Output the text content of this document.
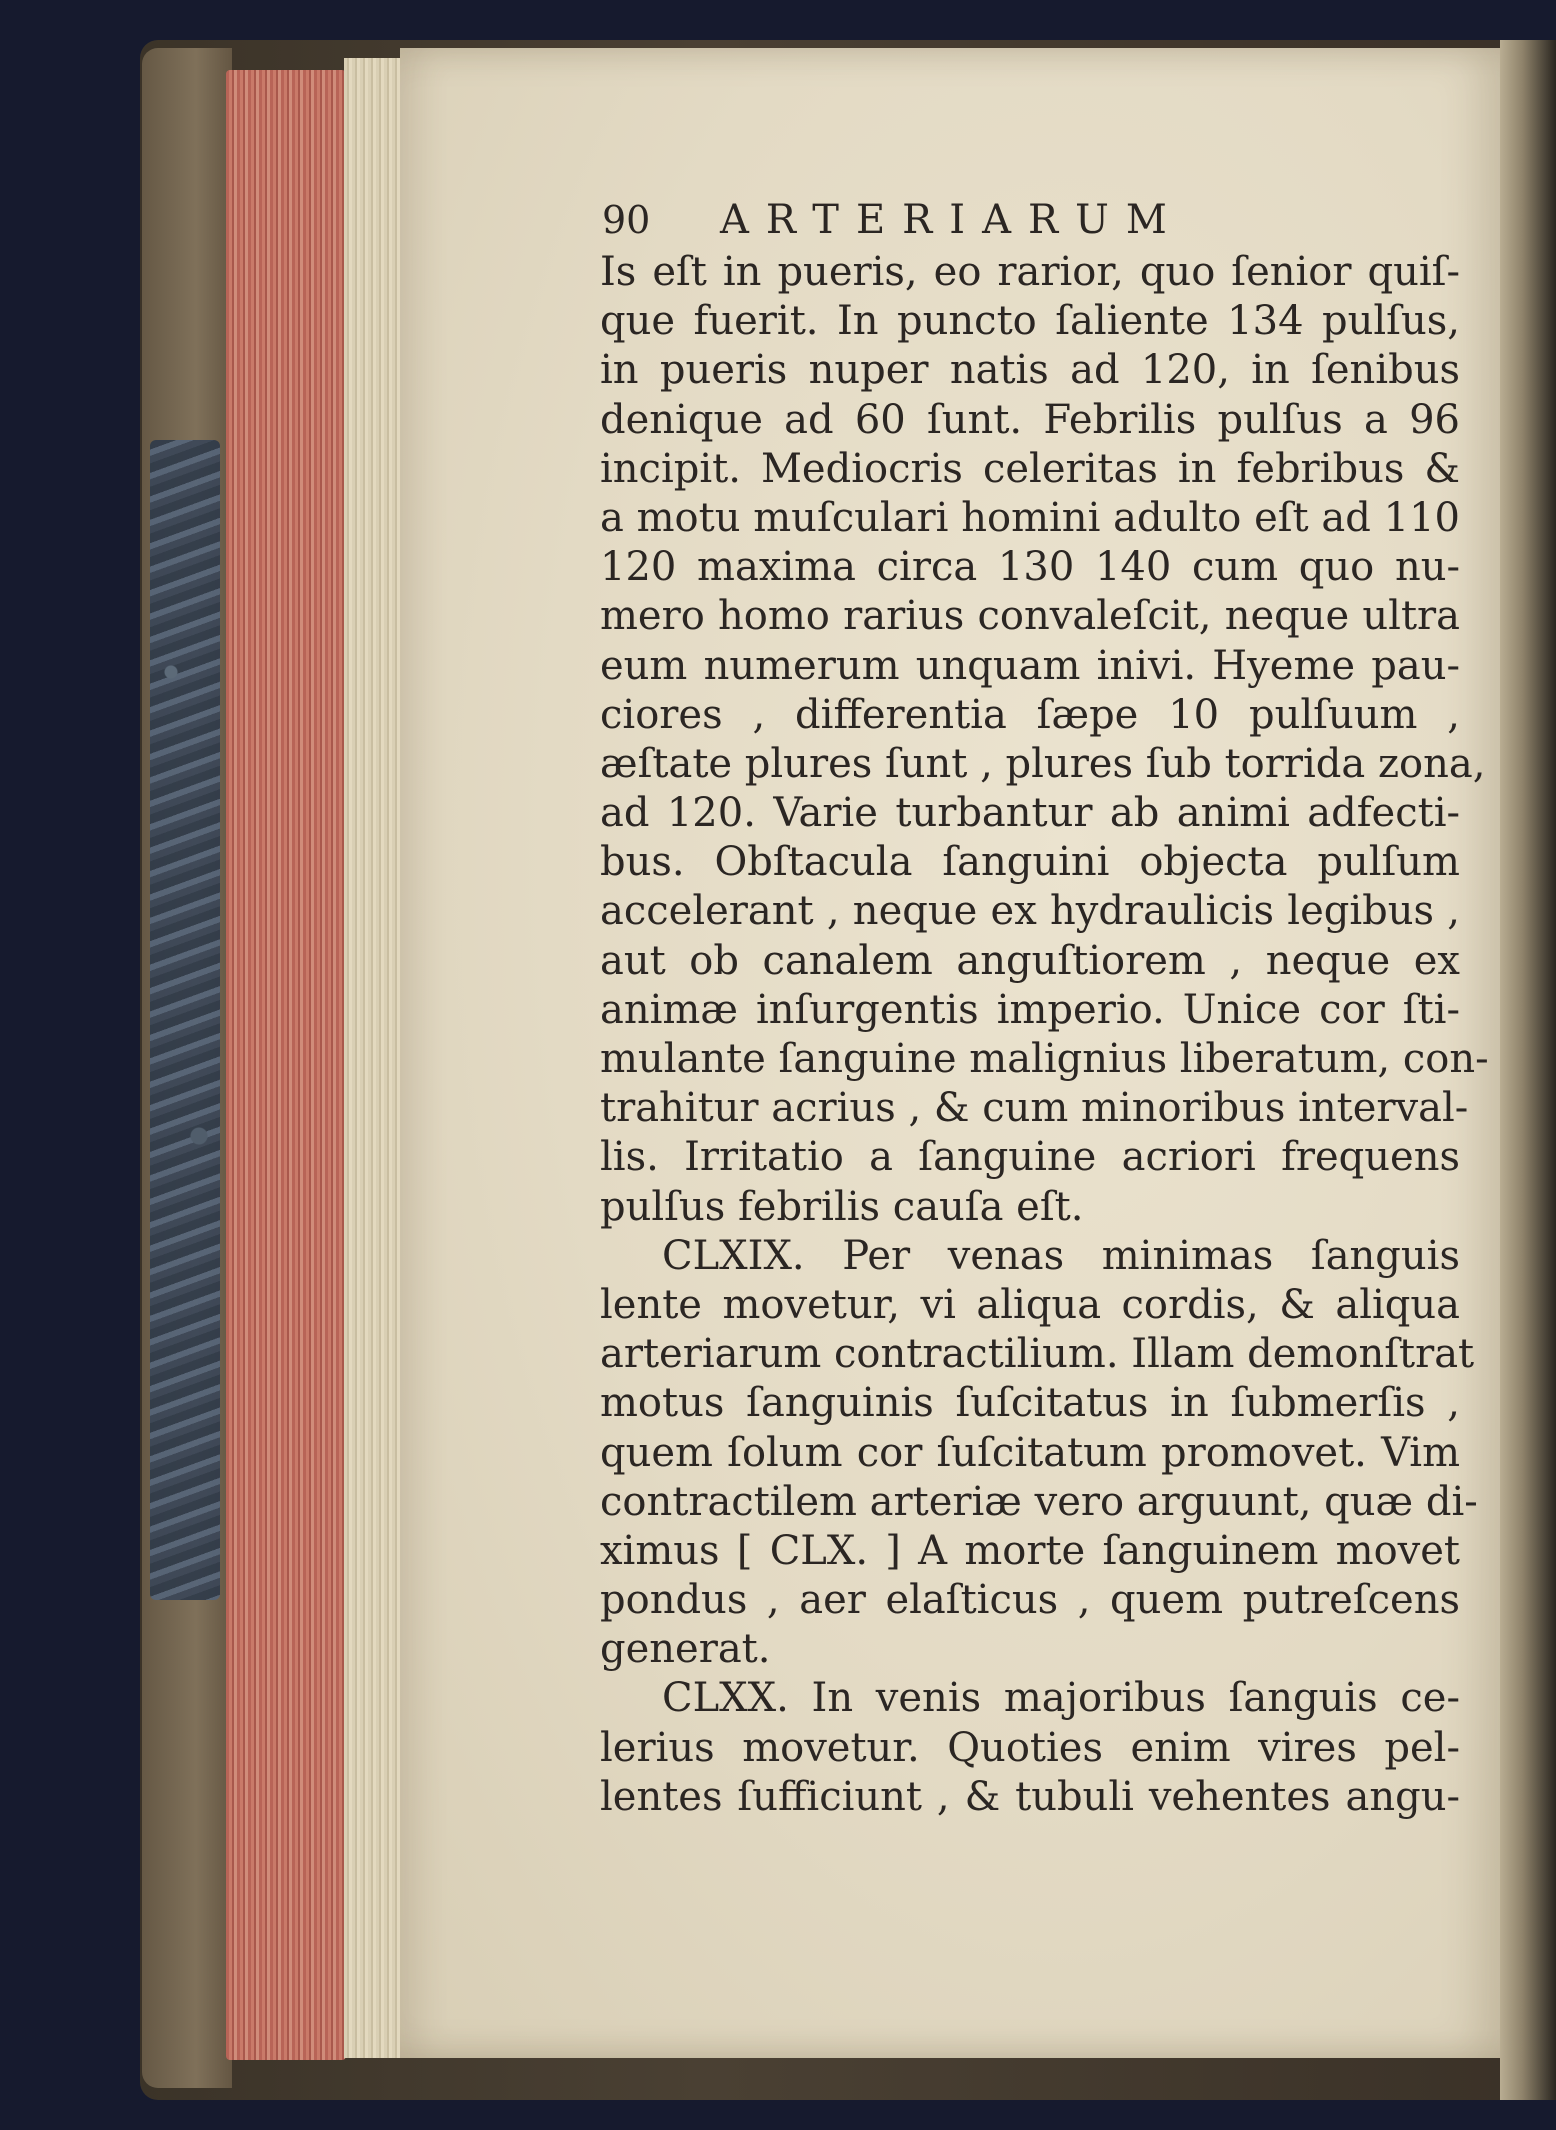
90 ARTERIARUM
Is eſt in pueris, eo rarior, quo ſenior quiſ-
que fuerit. In puncto ſaliente 134 pulſus,
in pueris nuper natis ad 120, in ſenibus
denique ad 60 ſunt. Febrilis pulſus a 96
incipit. Mediocris celeritas in febribus &
a motu muſculari homini adulto eſt ad 110
120 maxima circa 130 140 cum quo nu-
mero homo rarius convaleſcit, neque ultra
eum numerum unquam inivi. Hyeme pau-
ciores , differentia ſæpe 10 pulſuum ,
æſtate plures ſunt , plures ſub torrida zona,
ad 120. Varie turbantur ab animi adfecti-
bus. Obſtacula ſanguini objecta pulſum
accelerant , neque ex hydraulicis legibus ,
aut ob canalem anguſtiorem , neque ex
animæ inſurgentis imperio. Unice cor ſti-
mulante ſanguine malignius liberatum, con-
trahitur acrius , & cum minoribus interval-
lis. Irritatio a ſanguine acriori frequens
pulſus febrilis cauſa eſt.
CLXIX. Per venas minimas ſanguis
lente movetur, vi aliqua cordis, & aliqua
arteriarum contractilium. Illam demonſtrat
motus ſanguinis ſuſcitatus in ſubmerſis ,
quem ſolum cor ſuſcitatum promovet. Vim
contractilem arteriæ vero arguunt, quæ di-
ximus [ CLX. ] A morte ſanguinem movet
pondus , aer elaſticus , quem putreſcens
generat.
CLXX. In venis majoribus ſanguis ce-
lerius movetur. Quoties enim vires pel-
lentes ſufficiunt , & tubuli vehentes angu-
